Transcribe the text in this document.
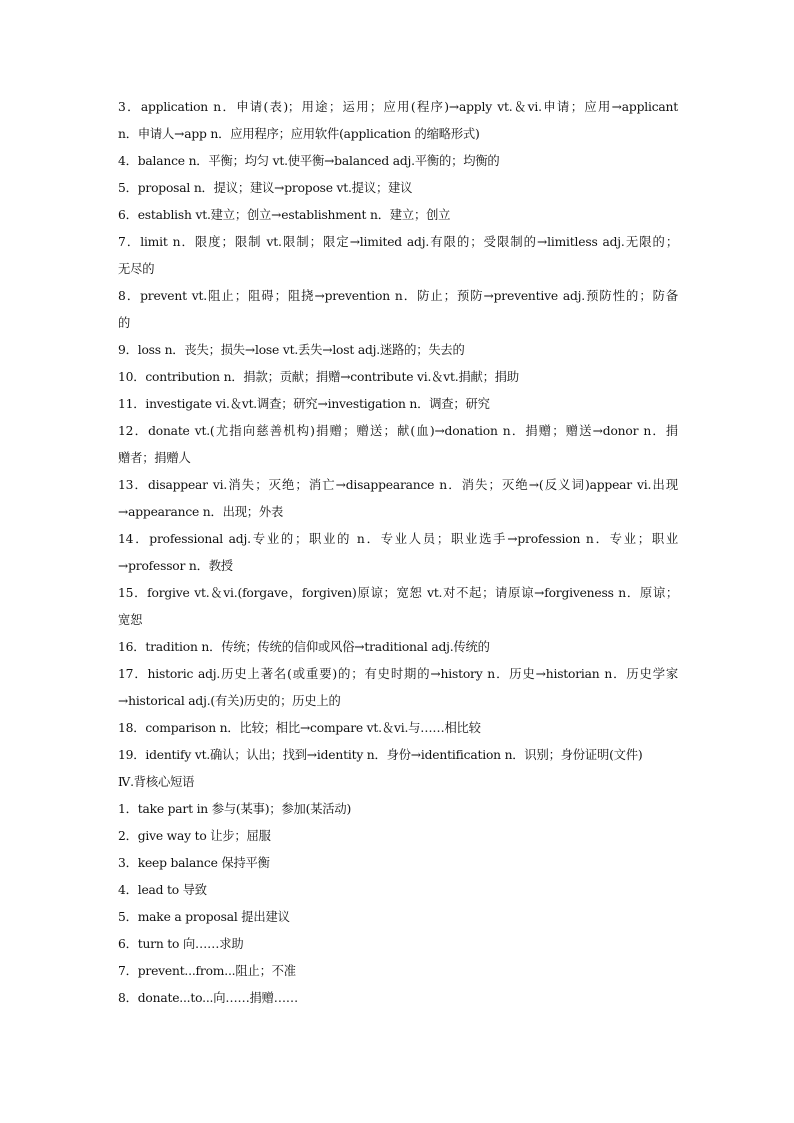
3．application n．申请(表)；用途；运用；应用(程序)→apply vt.＆vi.申请；应用→applicant
n．申请人→app n．应用程序；应用软件(application 的缩略形式)
4．balance n．平衡；均匀 vt.使平衡→balanced adj.平衡的；均衡的
5．proposal n．提议；建议→propose vt.提议；建议
6．establish vt.建立；创立→establishment n．建立；创立
7．limit n．限度；限制 vt.限制；限定→limited adj.有限的；受限制的→limitless adj.无限的；
无尽的
8．prevent vt.阻止；阻碍；阻挠→prevention n．防止；预防→preventive adj.预防性的；防备
的
9．loss n．丧失；损失→lose vt.丢失→lost adj.迷路的；失去的
10．contribution n．捐款；贡献；捐赠→contribute vi.＆vt.捐献；捐助
11．investigate vi.＆vt.调查；研究→investigation n．调查；研究
12．donate vt.(尤指向慈善机构)捐赠；赠送；献(血)→donation n．捐赠；赠送→donor n．捐
赠者；捐赠人
13．disappear vi.消失；灭绝；消亡→disappearance n．消失；灭绝→(反义词)appear vi.出现
→appearance n．出现；外表
14．professional adj.专业的；职业的 n．专业人员；职业选手→profession n．专业；职业
→professor n．教授
15．forgive vt.＆vi.(forgave，forgiven)原谅；宽恕 vt.对不起；请原谅→forgiveness n．原谅；
宽恕
16．tradition n．传统；传统的信仰或风俗→traditional adj.传统的
17．historic adj.历史上著名(或重要)的；有史时期的→history n．历史→historian n．历史学家
→historical adj.(有关)历史的；历史上的
18．comparison n．比较；相比→compare vt.＆vi.与……相比较
19．identify vt.确认；认出；找到→identity n．身份→identification n．识别；身份证明(文件)
Ⅳ.背核心短语
1．take part in 参与(某事)；参加(某活动)
2．give way to 让步；屈服
3．keep balance 保持平衡
4．lead to 导致
5．make a proposal 提出建议
6．turn to 向……求助
7．prevent...from...阻止；不准
8．donate...to...向……捐赠……
